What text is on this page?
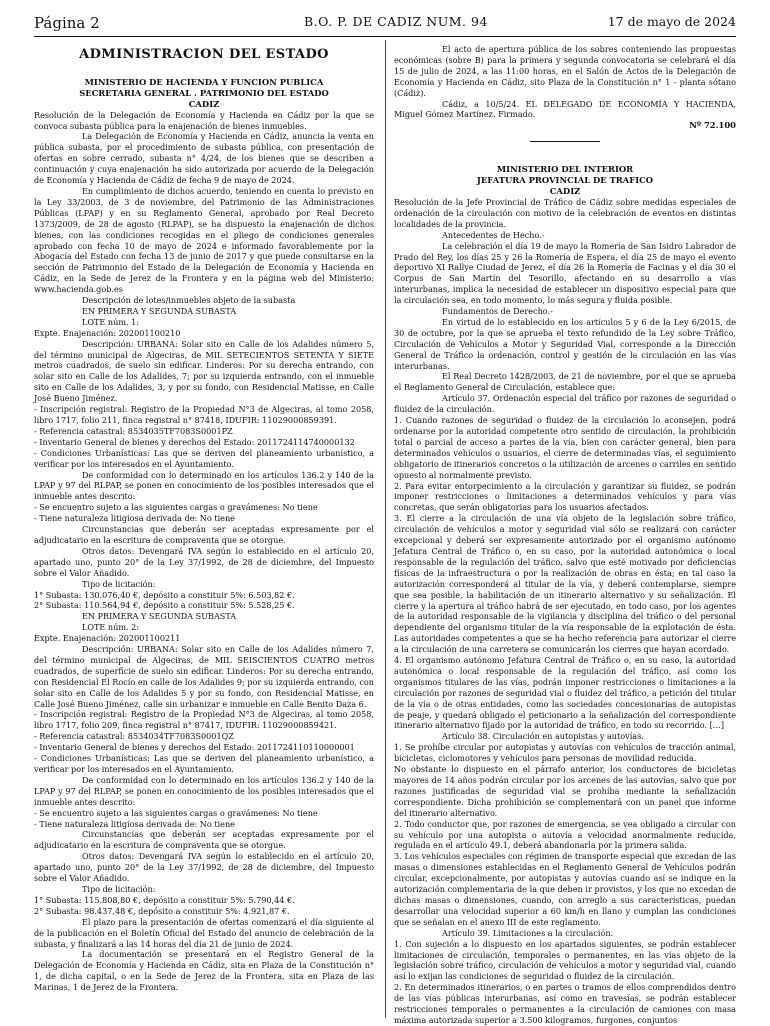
Página 2	B.O. P. DE CADIZ NUM. 94	17 de mayo de 2024

ADMINISTRACION DEL ESTADO

MINISTERIO DE HACIENDA Y FUNCION PUBLICA

SECRETARIA GENERAL . PATRIMONIO DEL ESTADO

CADIZ

Resolución de la Delegación de Economía y Hacienda en Cádiz por la que se convoca subasta pública para la enajenación de bienes inmuebles.

La Delegación de Economía y Hacienda en Cádiz, anuncia la venta en pública subasta, por el procedimiento de subasta pública, con presentación de ofertas en sobre cerrado, subasta n° 4/24, de los bienes que se describen a continuación y cuya enajenación ha sido autorizada por acuerdo de la Delegación de Economía y Hacienda de Cádiz de fecha 9 de mayo de 2024.

En cumplimiento de dichos acuerdo, teniendo en cuenta lo previsto en la Ley 33/2003, de 3 de noviembre, del Patrimonio de las Administraciones Públicas (LPAP) y en su Reglamento General, aprobado por Real Decreto 1373/2009, de 28 de agosto (RLPAP), se ha dispuesto la enajenación de dichos bienes, con las condiciones recogidas en el pliego de condiciones generales aprobado con fecha 10 de mayo de 2024 e informado favorablemente por la Abogacía del Estado con fecha 13 de junio de 2017 y que puede consultarse en la sección de Patrimonio del Estado de la Delegación de Economía y Hacienda en Cádiz, en la Sede de Jerez de la Frontera y en la página web del Ministerio: www.hacienda.gob.es

Descripción de lotes/inmuebles objeto de la subasta

EN PRIMERA Y SEGUNDA SUBASTA

LOTE núm. 1:

Expte. Enajenación: 202001100210

Descripción: URBANA: Solar sito en Calle de los Adalides número 5, del término municipal de Algeciras, de MIL SETECIENTOS SETENTA Y SIETE metros cuadrados, de suelo sin edificar. Linderos: Por su derecha entrando, con solar sito en Calle de los Adalides, 7; por su izquierda entrando, con el inmueble sito en Calle de los Adalides, 3, y por su fondo, con Residencial Matisse, en Calle José Bueno Jiménez.

- Inscripción registral: Registro de la Propiedad N°3 de Algeciras, al tomo 2058, libro 1717, folio 211, finca registral n° 87418, IDUFIR: 11029000859391.

- Referencia catastral: 8534035TF7083S0001PZ

- Inventario General de bienes y derechos del Estado: 2011724114740000132

- Condiciones Urbanísticas: Las que se deriven del planeamiento urbanístico, a verificar por los interesados en el Ayuntamiento.

De conformidad con lo determinado en los artículos 136.2 y 140 de la LPAP y 97 del RLPAP, se ponen en conocimiento de los posibles interesados que el inmueble antes descrito:

- Se encuentro sujeto a las siguientes cargas o gravámenes: No tiene

- Tiene naturaleza litigiosa derivada de: No tiene

Circunstancias que deberán ser aceptadas expresamente por el adjudicatario en la escritura de compraventa que se otorgue.

Otros datos: Devengará IVA según lo establecido en el artículo 20, apartado uno, punto 20° de la Ley 37/1992, de 28 de diciembre, del Impuesto sobre el Valor Añadido.

Tipo de licitación:

1° Subasta: 130.076,40 €, depósito a constituir 5%: 6.503,82 €.

2° Subasta: 110.564,94 €, depósito a constituir 5%: 5.528,25 €.

EN PRIMERA Y SEGUNDA SUBASTA

LOTE núm. 2:

Expte. Enajenación: 202001100211

Descripción: URBANA: Solar sito en Calle de los Adalides número 7, del término municipal de Algeciras, de MIL SEISCIENTOS CUATRO metros cuadrados, de superficie de suelo sin edificar. Linderos: Por su derecha entrando, con Residencial El Rocío en calle de los Adalides 9; por su izquierda entrando, con solar sito en Calle de los Adalides 5 y por su fondo, con Residencial Matisse, en Calle José Bueno Jiménez, calle sin urbanizar e inmueble en Calle Benito Daza 6.

- Inscripción registral: Registro de la Propiedad N°3 de Algeciras, al tomo 2058, libro 1717, folio 209, finca registral n° 87417, IDUFIR: 11029000859421.

- Referencia catastral: 8534034TF7083S0001QZ

- Inventario General de bienes y derechos del Estado: 2011724110110000001

- Condiciones Urbanísticas: Las que se deriven del planeamiento urbanístico, a verificar por los interesados en el Ayuntamiento.

De conformidad con lo determinado en los artículos 136.2 y 140 de la LPAP y 97 del RLPAP, se ponen en conocimiento de los posibles interesados que el inmueble antes descrito:

- Se encuentro sujeto a las siguientes cargas o gravámenes: No tiene

- Tiene naturaleza litigiosa derivada de: No tiene

Circunstancias que deberán ser aceptadas expresamente por el adjudicatario en la escritura de compraventa que se otorgue.

Otros datos: Devengará IVA según lo establecido en el artículo 20, apartado uno, punto 20° de la Ley 37/1992, de 28 de diciembre, del Impuesto sobre el Valor Añadido.

Tipo de licitación:

1° Subasta: 115.808,80 €, depósito a constituir 5%: 5.790,44 €.

2° Subasta: 98.437,48 €, depósito a constituir 5%: 4.921,87 €.

El plazo para la presentación de ofertas comenzará el día siguiente al de la publicación en el Boletín Oficial del Estado del anuncio de celebración de la subasta, y finalizará a las 14 horas del día 21 de junio de 2024.

La documentación se presentará en el Registro General de la Delegación de Economía y Hacienda en Cádiz, sita en Plaza de la Constitución n° 1, de dicha capital, o en la Sede de Jerez de la Frontera, sita en Plaza de las Marinas, 1 de Jerez de la Frontera.

El acto de apertura pública de los sobres conteniendo las propuestas económicas (sobre B) para la primera y segunda convocatoria se celebrará el día 15 de julio de 2024, a las 11:00 horas, en el Salón de Actos de la Delegación de Economía y Hacienda en Cádiz, sito Plaza de la Constitución n° 1 - planta sótano (Cádiz).

Cádiz, a 10/5/24. EL DELEGADO DE ECONOMÍA Y HACIENDA, Miguel Gómez Martínez. Firmado.

Nº 72.100

MINISTERIO DEL INTERIOR

JEFATURA PROVINCIAL DE TRAFICO

CADIZ

Resolución de la Jefe Provincial de Tráfico de Cádiz sobre medidas especiales de ordenación de la circulación con motivo de la celebración de eventos en distintas localidades de la provincia.

Antecedentes de Hecho.-

La celebración el día 19 de mayo la Romería de San Isidro Labrador de Prado del Rey, los días 25 y 26 la Romería de Espera, el día 25 de mayo el evento deportivo XI Rallye Ciudad de Jerez, el día 26 la Romería de Facinas y el día 30 el Corpus de San Martín del Tesorillo, afectando en su desarrollo a vías interurbanas, implica la necesidad de establecer un dispositivo especial para que la circulación sea, en todo momento, lo más segura y fluida posible.

Fundamentos de Derecho.-

En virtud de lo establecido en los artículos 5 y 6 de la Ley 6/2015, de 30 de octubre, por la que se aprueba el texto refundido de la Ley sobre Tráfico, Circulación de Vehículos a Motor y Seguridad Vial, corresponde a la Dirección General de Tráfico la ordenación, control y gestión de la circulación en las vías interurbanas.

El Real Decreto 1428/2003, de 21 de noviembre, por el que se aprueba el Reglamento General de Circulación, establece que:

Artículo 37. Ordenación especial del tráfico por razones de seguridad o fluidez de la circulación.

1. Cuando razones de seguridad o fluidez de la circulación lo aconsejen, podrá ordenarse por la autoridad competente otro sentido de circulación, la prohibición total o parcial de acceso a partes de la vía, bien con carácter general, bien para determinados vehículos o usuarios, el cierre de determinadas vías, el seguimiento obligatorio de itinerarios concretos o la utilización de arcenes o carriles en sentido opuesto al normalmente previsto.

2. Para evitar entorpecimiento a la circulación y garantizar su fluidez, se podrán imponer restricciones o limitaciones a determinados vehículos y para vías concretas, que serán obligatorias para los usuarios afectados.

3. El cierre a la circulación de una vía objeto de la legislación sobre tráfico, circulación de vehículos a motor y seguridad vial sólo se realizará con carácter excepcional y deberá ser expresamente autorizado por el organismo autónomo Jefatura Central de Tráfico o, en su caso, por la autoridad autonómica o local responsable de la regulación del tráfico, salvo que esté motivado por deficiencias físicas de la infraestructura o por la realización de obras en ésta; en tal caso la autorización corresponderá al titular de la vía, y deberá contemplarse, siempre que sea posible, la habilitación de un itinerario alternativo y su señalización. El cierre y la apertura al tráfico habrá de ser ejecutado, en todo caso, por los agentes de la autoridad responsable de la vigilancia y disciplina del tráfico o del personal dependiente del organismo titular de la vía responsable de la explotación de ésta. Las autoridades competentes a que se ha hecho referencia para autorizar el cierre a la circulación de una carretera se comunicarán los cierres que hayan acordado.

4. El organismo autónomo Jefatura Central de Tráfico o, en su caso, la autoridad autonómica o local responsable de la regulación del tráfico, así como los organismos titulares de las vías, podrán imponer restricciones o limitaciones a la circulación por razones de seguridad vial o fluidez del tráfico, a petición del titular de la vía o de otras entidades, como las sociedades concesionarias de autopistas de peaje, y quedará obligado el peticionario a la señalización del correspondiente itinerario alternativo fijado por la autoridad de tráfico, en todo su recorrido. […]

Artículo 38. Circulación en autopistas y autovías.

1. Se prohíbe circular por autopistas y autovías con vehículos de tracción animal, bicicletas, ciclomotores y vehículos para personas de movilidad reducida.

No obstante lo dispuesto en el párrafo anterior, los conductores de bicicletas mayores de 14 años podrán circular por los arcenes de las autovías, salvo que por razones justificadas de seguridad vial se prohíba mediante la señalización correspondiente. Dicha prohibición se complementará con un panel que informe del itinerario alternativo.

2. Todo conductor que, por razones de emergencia, se vea obligado a circular con su vehículo por una autopista o autovía a velocidad anormalmente reducida, regulada en el artículo 49.1, deberá abandonarla por la primera salida.

3. Los vehículos especiales con régimen de transporte especial que excedan de las masas o dimensiones establecidas en el Reglamento General de Vehículos podrán circular, excepcionalmente, por autopistas y autovías cuando así se indique en la autorización complementaria de la que deben ir provistos, y los que no excedan de dichas masas o dimensiones, cuando, con arreglo a sus características, puedan desarrollar una velocidad superior a 60 km/h en llano y cumplan las condiciones que se señalan en el anexo III de este reglamento.

Artículo 39. Limitaciones a la circulación.

1. Con sujeción a lo dispuesto en los apartados siguientes, se podrán establecer limitaciones de circulación, temporales o permanentes, en las vías objeto de la legislación sobre tráfico, circulación de vehículos a motor y seguridad vial, cuando así lo exijan las condiciones de seguridad o fluidez de la circulación.

2. En determinados itinerarios, o en partes o tramos de ellos comprendidos dentro de las vías públicas interurbanas, así como en travesías, se podrán establecer restricciones temporales o permanentes a la circulación de camiones con masa máxima autorizada superior a 3.500 kilogramos, furgones, conjuntos
